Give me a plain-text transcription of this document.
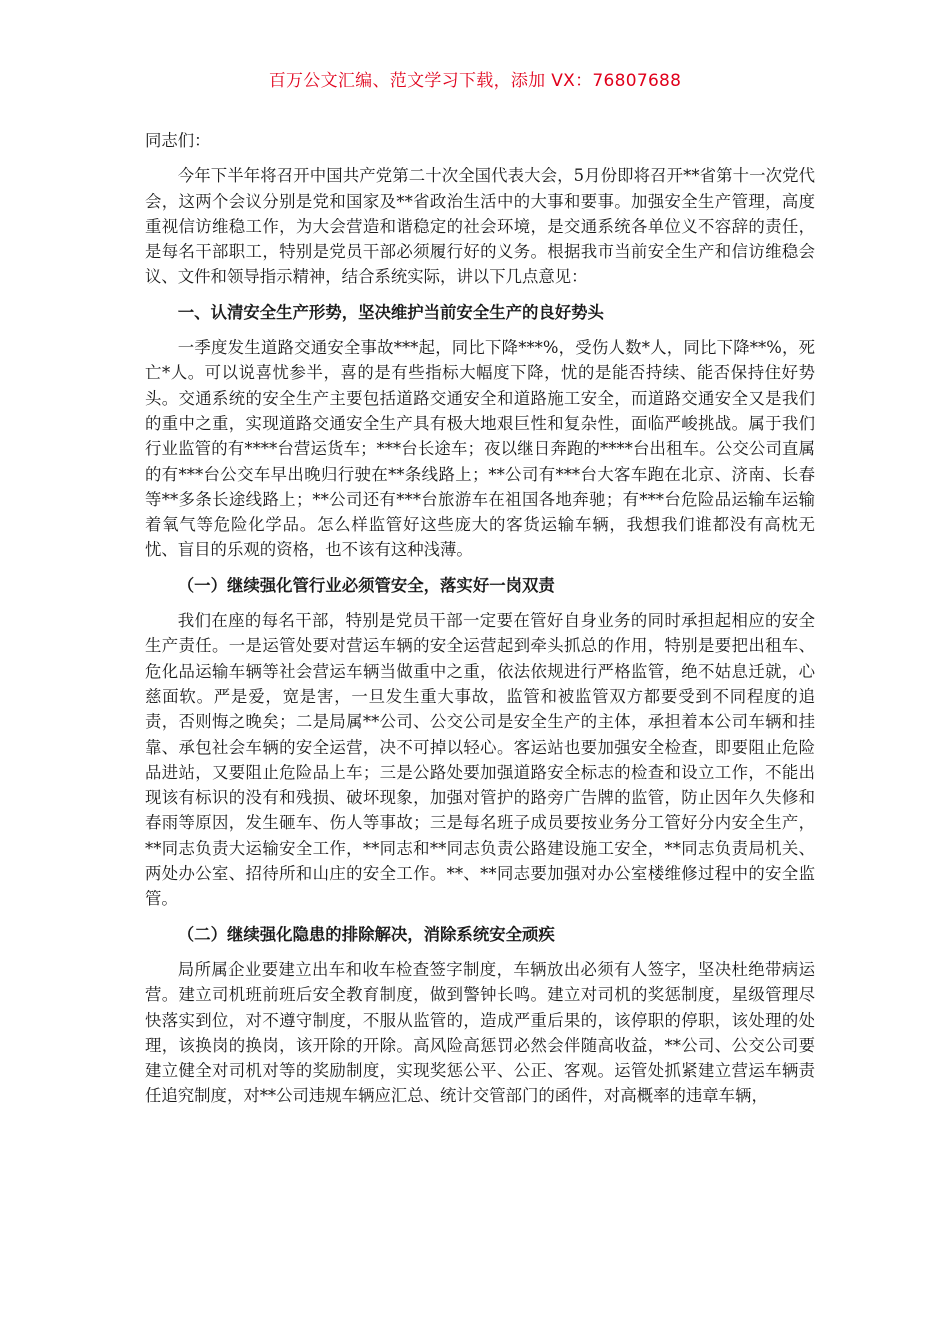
百万公文汇编、范文学习下载，添加 VX：76807688

同志们：

今年下半年将召开中国共产党第二十次全国代表大会，5月份即将召开**省第十一次党代会，这两个会议分别是党和国家及**省政治生活中的大事和要事。加强安全生产管理，高度重视信访维稳工作，为大会营造和谐稳定的社会环境，是交通系统各单位义不容辞的责任，是每名干部职工，特别是党员干部必须履行好的义务。根据我市当前安全生产和信访维稳会议、文件和领导指示精神，结合系统实际，讲以下几点意见：

一、认清安全生产形势，坚决维护当前安全生产的良好势头

一季度发生道路交通安全事故***起，同比下降***%，受伤人数*人，同比下降**%，死亡*人。可以说喜忧参半，喜的是有些指标大幅度下降，忧的是能否持续、能否保持住好势头。交通系统的安全生产主要包括道路交通安全和道路施工安全，而道路交通安全又是我们的重中之重，实现道路交通安全生产具有极大地艰巨性和复杂性，面临严峻挑战。属于我们行业监管的有****台营运货车；***台长途车；夜以继日奔跑的****台出租车。公交公司直属的有***台公交车早出晚归行驶在**条线路上；**公司有***台大客车跑在北京、济南、长春等**多条长途线路上；**公司还有***台旅游车在祖国各地奔驰；有***台危险品运输车运输着氧气等危险化学品。怎么样监管好这些庞大的客货运输车辆，我想我们谁都没有高枕无忧、盲目的乐观的资格，也不该有这种浅薄。

（一）继续强化管行业必须管安全，落实好一岗双责

我们在座的每名干部，特别是党员干部一定要在管好自身业务的同时承担起相应的安全生产责任。一是运管处要对营运车辆的安全运营起到牵头抓总的作用，特别是要把出租车、危化品运输车辆等社会营运车辆当做重中之重，依法依规进行严格监管，绝不姑息迁就，心慈面软。严是爱，宽是害，一旦发生重大事故，监管和被监管双方都要受到不同程度的追责，否则悔之晚矣；二是局属**公司、公交公司是安全生产的主体，承担着本公司车辆和挂靠、承包社会车辆的安全运营，决不可掉以轻心。客运站也要加强安全检查，即要阻止危险品进站，又要阻止危险品上车；三是公路处要加强道路安全标志的检查和设立工作，不能出现该有标识的没有和残损、破坏现象，加强对管护的路旁广告牌的监管，防止因年久失修和春雨等原因，发生砸车、伤人等事故；三是每名班子成员要按业务分工管好分内安全生产，**同志负责大运输安全工作，**同志和**同志负责公路建设施工安全，**同志负责局机关、两处办公室、招待所和山庄的安全工作。**、**同志要加强对办公室楼维修过程中的安全监管。

（二）继续强化隐患的排除解决，消除系统安全顽疾

局所属企业要建立出车和收车检查签字制度，车辆放出必须有人签字，坚决杜绝带病运营。建立司机班前班后安全教育制度，做到警钟长鸣。建立对司机的奖惩制度，星级管理尽快落实到位，对不遵守制度，不服从监管的，造成严重后果的，该停职的停职，该处理的处理，该换岗的换岗，该开除的开除。高风险高惩罚必然会伴随高收益，**公司、公交公司要建立健全对司机对等的奖励制度，实现奖惩公平、公正、客观。运管处抓紧建立营运车辆责任追究制度，对**公司违规车辆应汇总、统计交管部门的函件，对高概率的违章车辆，
